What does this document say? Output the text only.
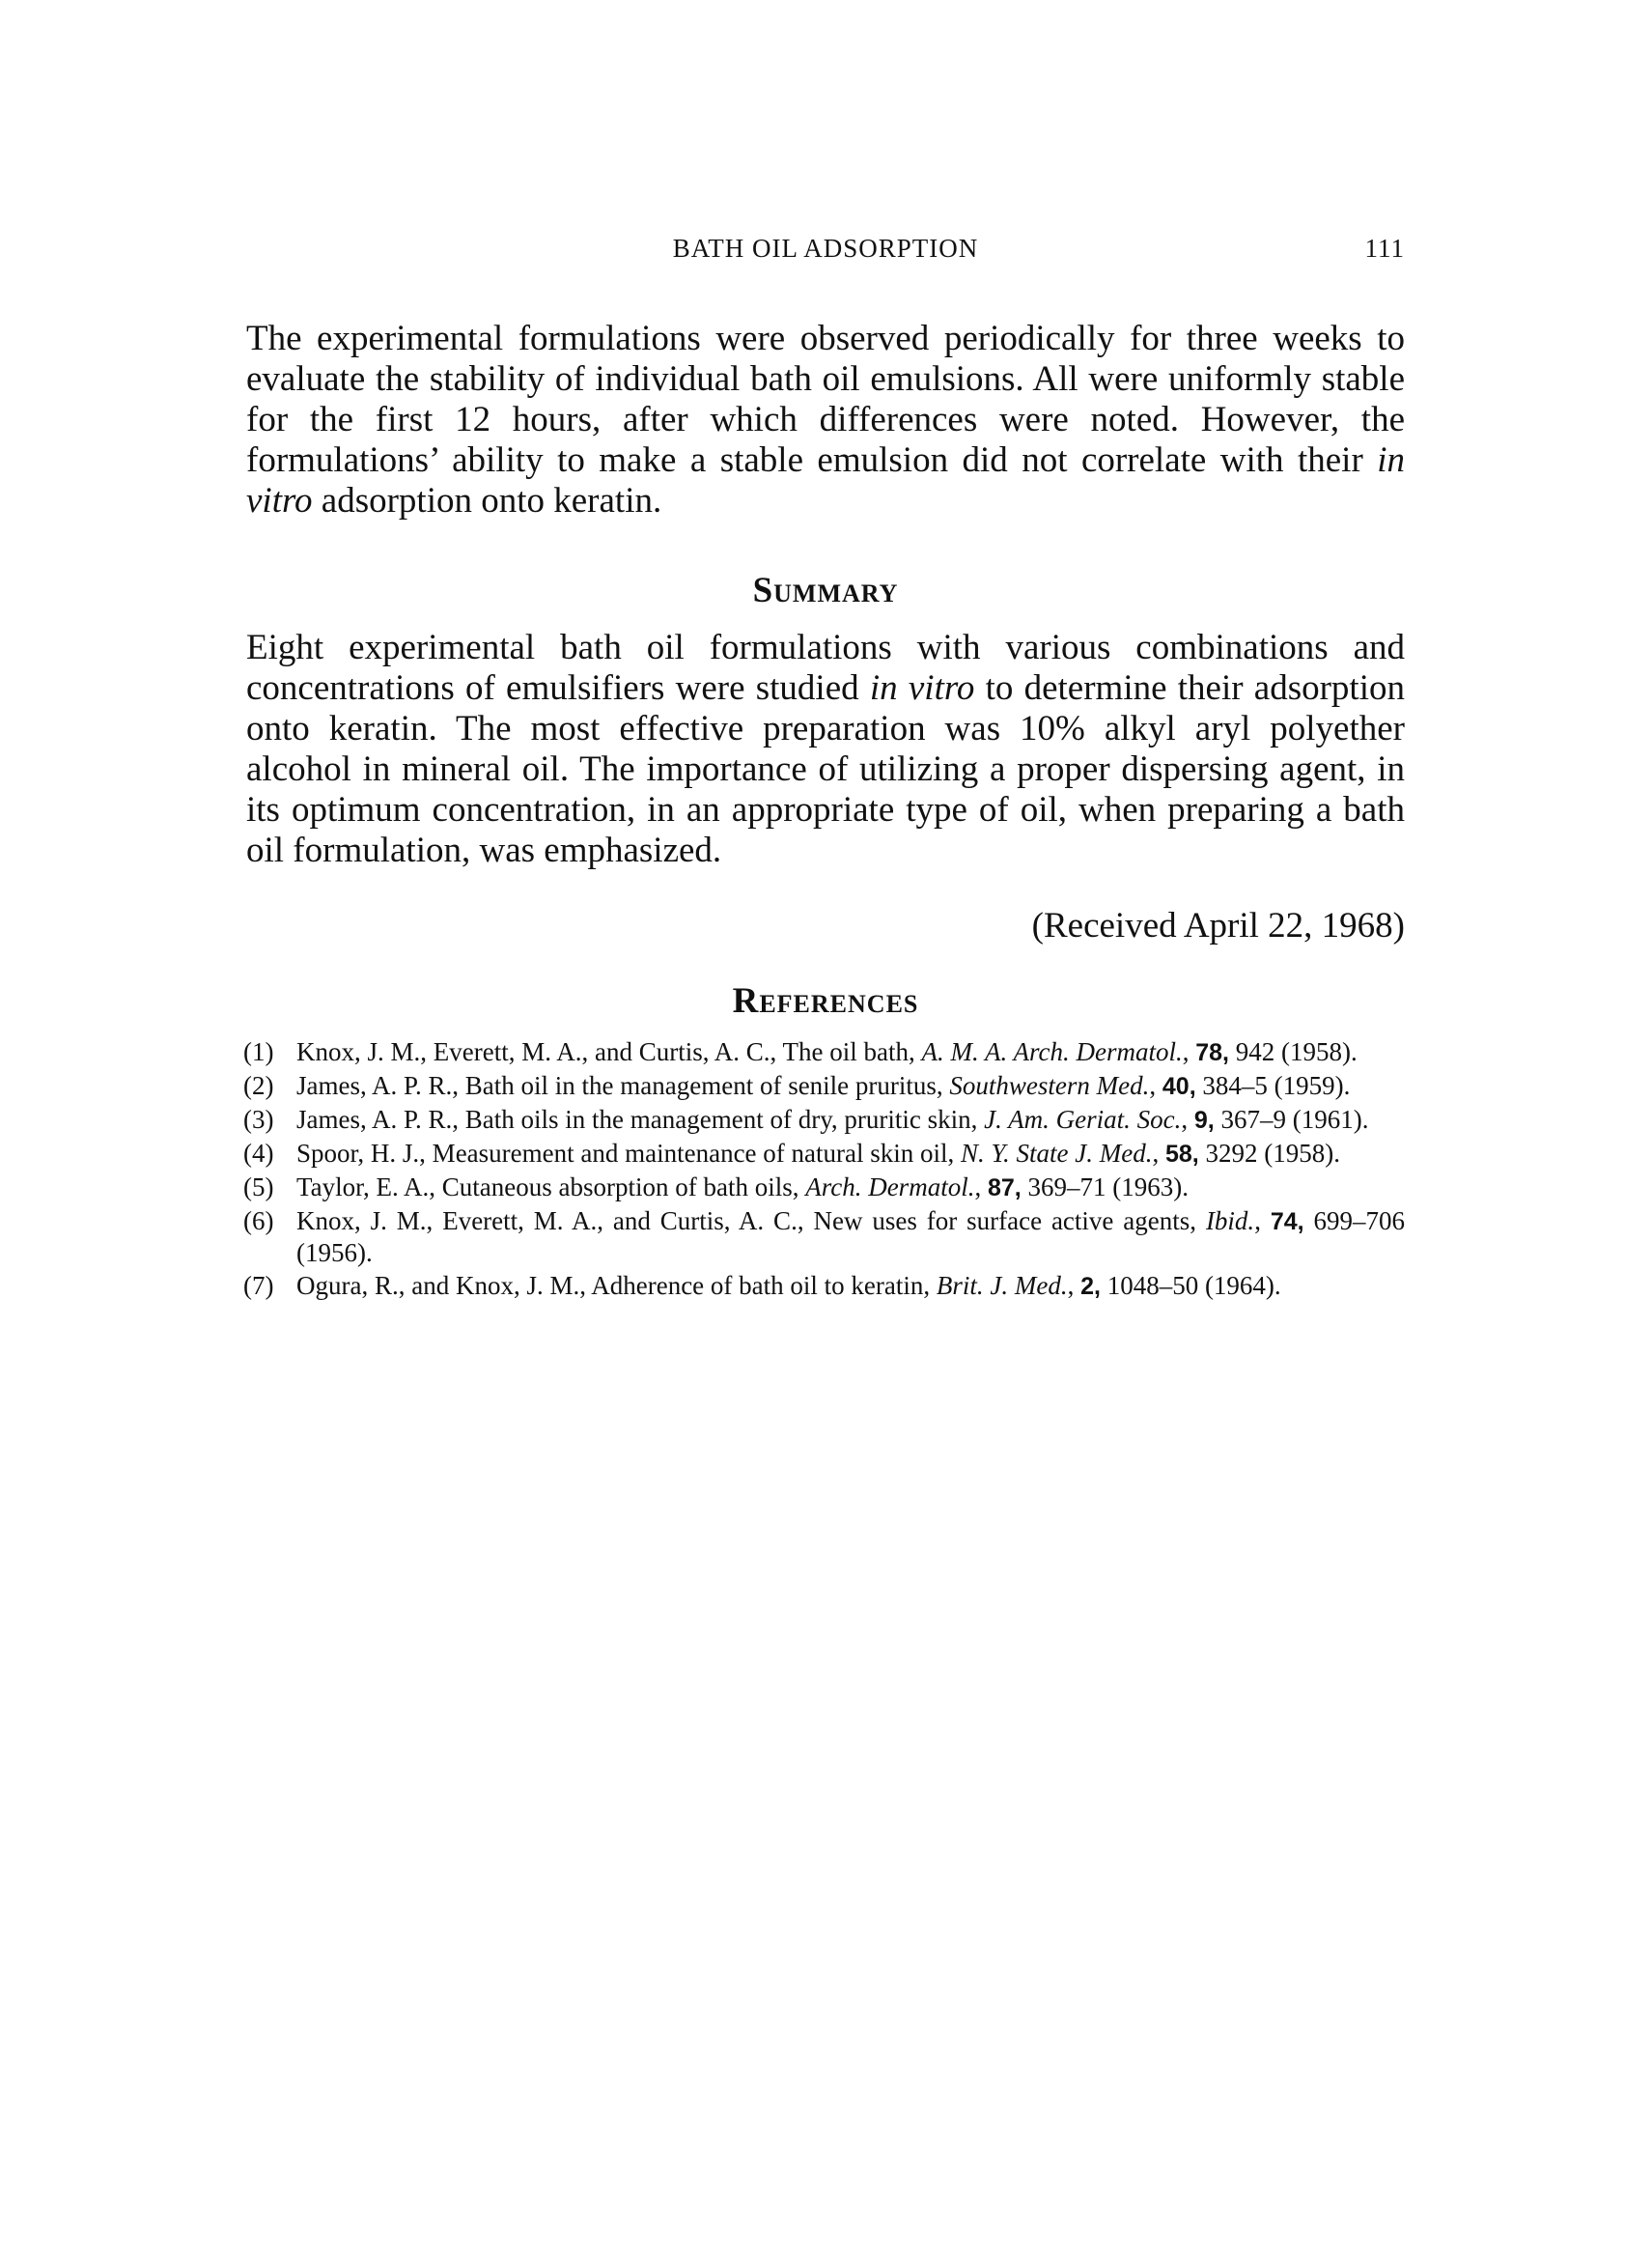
BATH OIL ADSORPTION	111

The experimental formulations were observed periodically for three weeks to evaluate the stability of individual bath oil emulsions. All were uniformly stable for the first 12 hours, after which differences were noted. However, the formulations’ ability to make a stable emulsion did not correlate with their in vitro adsorption onto keratin.

Summary

Eight experimental bath oil formulations with various combinations and concentrations of emulsifiers were studied in vitro to determine their adsorption onto keratin. The most effective preparation was 10% alkyl aryl polyether alcohol in mineral oil. The importance of utilizing a proper dispersing agent, in its optimum concentration, in an appropriate type of oil, when preparing a bath oil formulation, was emphasized.

(Received April 22, 1968)

References
(1) Knox, J. M., Everett, M. A., and Curtis, A. C., The oil bath, A. M. A. Arch. Dermatol., 78, 942 (1958).
(2) James, A. P. R., Bath oil in the management of senile pruritus, Southwestern Med., 40, 384–5 (1959).
(3) James, A. P. R., Bath oils in the management of dry, pruritic skin, J. Am. Geriat. Soc., 9, 367–9 (1961).
(4) Spoor, H. J., Measurement and maintenance of natural skin oil, N. Y. State J. Med., 58, 3292 (1958).
(5) Taylor, E. A., Cutaneous absorption of bath oils, Arch. Dermatol., 87, 369–71 (1963).
(6) Knox, J. M., Everett, M. A., and Curtis, A. C., New uses for surface active agents, Ibid., 74, 699–706 (1956).
(7) Ogura, R., and Knox, J. M., Adherence of bath oil to keratin, Brit. J. Med., 2, 1048–50 (1964).
